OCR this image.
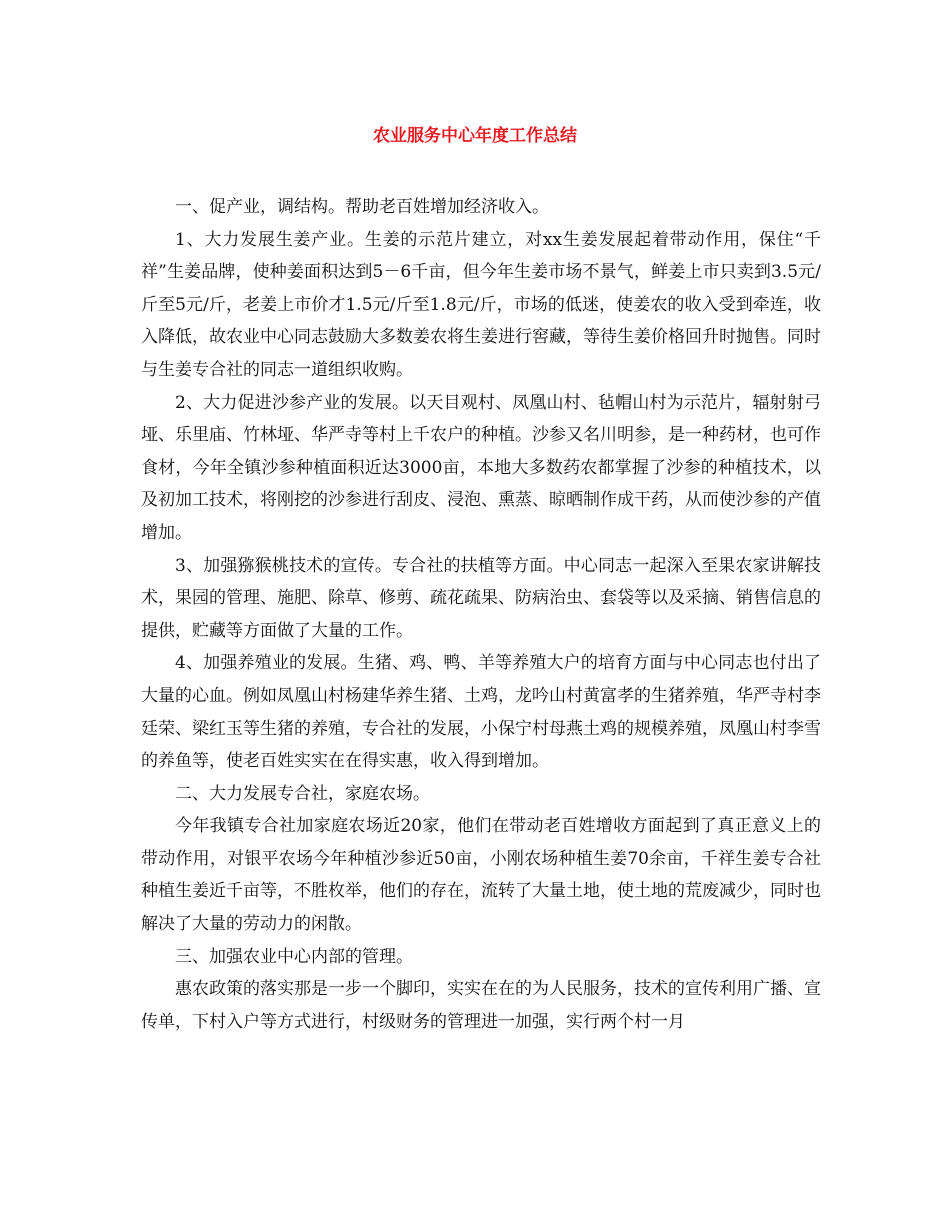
农业服务中心年度工作总结

一、促产业，调结构。帮助老百姓增加经济收入。

1、大力发展生姜产业。生姜的示范片建立，对xx生姜发展起着带动作用，保住“千祥”生姜品牌，使种姜面积达到5－6千亩，但今年生姜市场不景气，鲜姜上市只卖到3.5元/斤至5元/斤，老姜上市价才1.5元/斤至1.8元/斤，市场的低迷，使姜农的收入受到牵连，收入降低，故农业中心同志鼓励大多数姜农将生姜进行窖藏，等待生姜价格回升时抛售。同时与生姜专合社的同志一道组织收购。

2、大力促进沙参产业的发展。以天目观村、凤凰山村、毡帽山村为示范片，辐射射弓垭、乐里庙、竹林垭、华严寺等村上千农户的种植。沙参又名川明参，是一种药材，也可作食材，今年全镇沙参种植面积近达3000亩，本地大多数药农都掌握了沙参的种植技术，以及初加工技术，将刚挖的沙参进行刮皮、浸泡、熏蒸、晾晒制作成干药，从而使沙参的产值增加。

3、加强猕猴桃技术的宣传。专合社的扶植等方面。中心同志一起深入至果农家讲解技术，果园的管理、施肥、除草、修剪、疏花疏果、防病治虫、套袋等以及采摘、销售信息的提供，贮藏等方面做了大量的工作。

4、加强养殖业的发展。生猪、鸡、鸭、羊等养殖大户的培育方面与中心同志也付出了大量的心血。例如凤凰山村杨建华养生猪、土鸡，龙吟山村黄富孝的生猪养殖，华严寺村李廷荣、梁红玉等生猪的养殖，专合社的发展，小保宁村母燕土鸡的规模养殖，凤凰山村李雪的养鱼等，使老百姓实实在在得实惠，收入得到增加。

二、大力发展专合社，家庭农场。

今年我镇专合社加家庭农场近20家，他们在带动老百姓增收方面起到了真正意义上的带动作用，对银平农场今年种植沙参近50亩，小刚农场种植生姜70余亩，千祥生姜专合社种植生姜近千亩等，不胜枚举，他们的存在，流转了大量土地，使土地的荒废减少，同时也解决了大量的劳动力的闲散。

三、加强农业中心内部的管理。

惠农政策的落实那是一步一个脚印，实实在在的为人民服务，技术的宣传利用广播、宣传单，下村入户等方式进行，村级财务的管理进一加强，实行两个村一月
